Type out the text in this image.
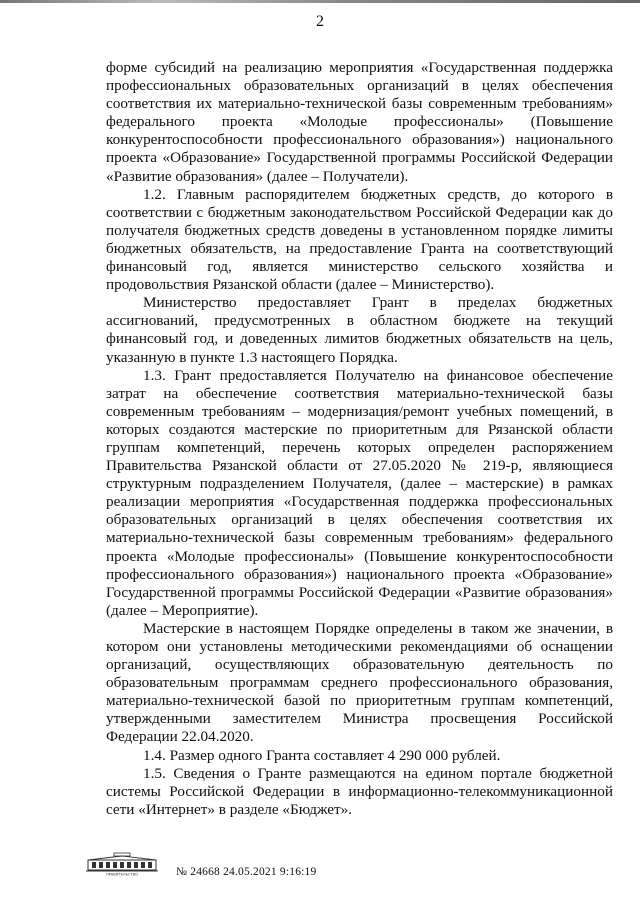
2

форме субсидий на реализацию мероприятия «Государственная поддержка профессиональных образовательных организаций в целях обеспечения соответствия их материально-технической базы современным требованиям» федерального проекта «Молодые профессионалы» (Повышение конкурентоспособности профессионального образования») национального проекта «Образование» Государственной программы Российской Федерации «Развитие образования» (далее – Получатели).

1.2. Главным распорядителем бюджетных средств, до которого в соответствии с бюджетным законодательством Российской Федерации как до получателя бюджетных средств доведены в установленном порядке лимиты бюджетных обязательств, на предоставление Гранта на соответствующий финансовый год, является министерство сельского хозяйства и продовольствия Рязанской области (далее – Министерство).

Министерство предоставляет Грант в пределах бюджетных ассигнований, предусмотренных в областном бюджете на текущий финансовый год, и доведенных лимитов бюджетных обязательств на цель, указанную в пункте 1.3 настоящего Порядка.

1.3. Грант предоставляется Получателю на финансовое обеспечение затрат на обеспечение соответствия материально-технической базы современным требованиям – модернизация/ремонт учебных помещений, в которых создаются мастерские по приоритетным для Рязанской области группам компетенций, перечень которых определен распоряжением Правительства Рязанской области от 27.05.2020 № 219-р, являющиеся структурным подразделением Получателя, (далее – мастерские) в рамках реализации мероприятия «Государственная поддержка профессиональных образовательных организаций в целях обеспечения соответствия их материально-технической базы современным требованиям» федерального проекта «Молодые профессионалы» (Повышение конкурентоспособности профессионального образования») национального проекта «Образование» Государственной программы Российской Федерации «Развитие образования» (далее – Мероприятие).

Мастерские в настоящем Порядке определены в таком же значении, в котором они установлены методическими рекомендациями об оснащении организаций, осуществляющих образовательную деятельность по образовательным программам среднего профессионального образования, материально-технической базой по приоритетным группам компетенций, утвержденными заместителем Министра просвещения Российской Федерации 22.04.2020.

1.4. Размер одного Гранта составляет 4 290 000 рублей.

1.5. Сведения о Гранте размещаются на едином портале бюджетной системы Российской Федерации в информационно-телекоммуникационной сети «Интернет» в разделе «Бюджет».

ПРАВИТЕЛЬСТВО	№ 24668 24.05.2021 9:16:19
